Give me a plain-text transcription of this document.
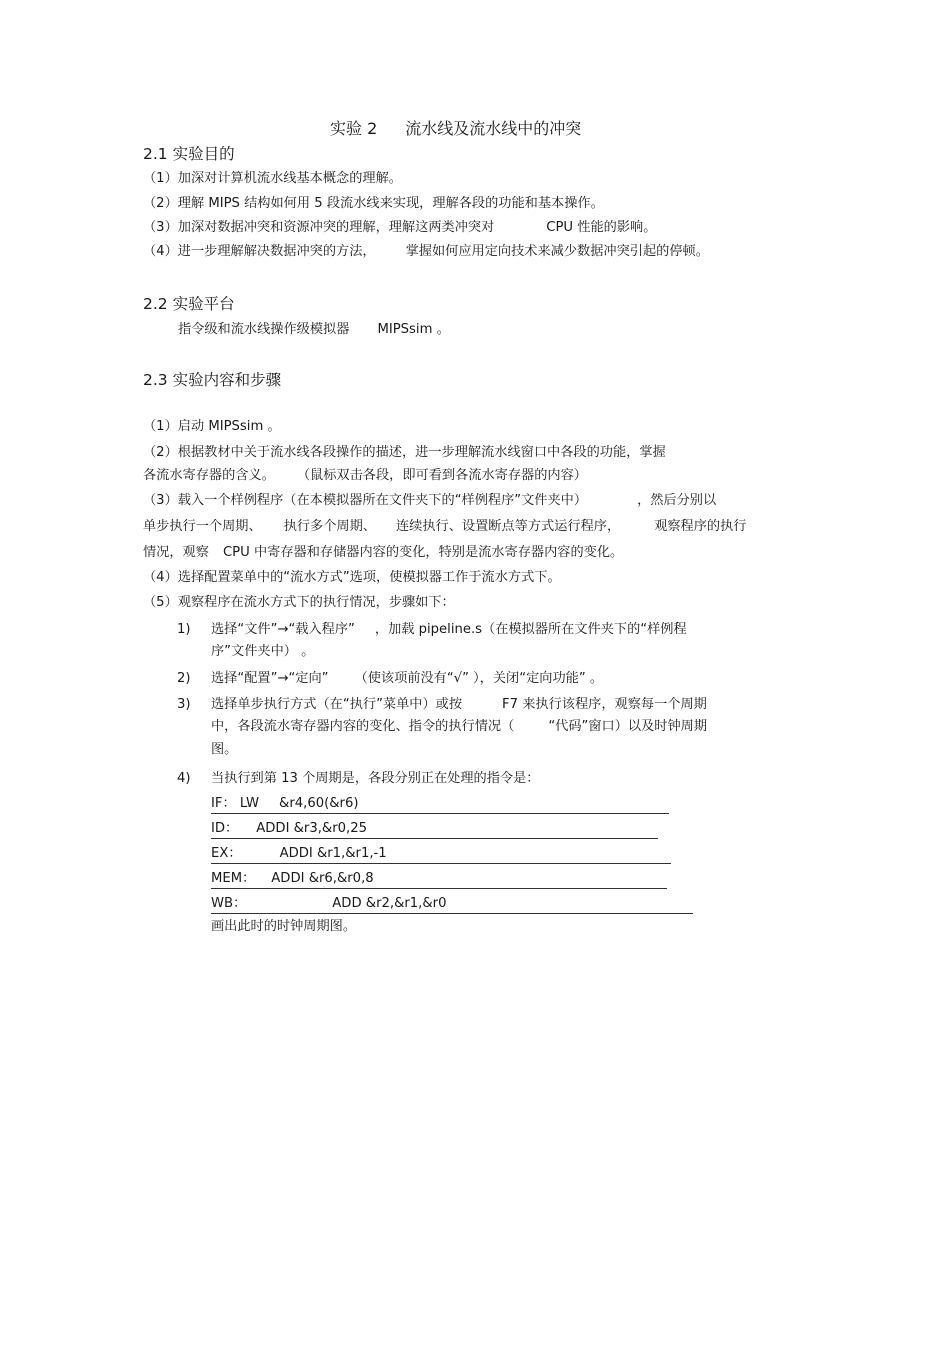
实验 2 流水线及流水线中的冲突
2.1 实验目的
（1）加深对计算机流水线基本概念的理解。
（2）理解 MIPS 结构如何用 5 段流水线来实现，理解各段的功能和基本操作。
（3）加深对数据冲突和资源冲突的理解，理解这两类冲突对	CPU 性能的影响。
（4）进一步理解解决数据冲突的方法， 掌握如何应用定向技术来减少数据冲突引起的停顿。
2.2 实验平台
指令级和流水线操作级模拟器 MIPSsim 。
2.3 实验内容和步骤
（1）启动 MIPSsim 。
（2）根据教材中关于流水线各段操作的描述，进一步理解流水线窗口中各段的功能，掌握
各流水寄存器的含义。 （鼠标双击各段，即可看到各流水寄存器的内容）
（3）载入一个样例程序（在本模拟器所在文件夹下的“样例程序”文件夹中）	，然后分别以
单步执行一个周期、 执行多个周期、 连续执行、设置断点等方式运行程序，	观察程序的执行
情况，观察 CPU 中寄存器和存储器内容的变化，特别是流水寄存器内容的变化。
（4）选择配置菜单中的“流水方式”选项，使模拟器工作于流水方式下。
（5）观察程序在流水方式下的执行情况，步骤如下：
1) 选择“文件”→“载入程序” ，加载 pipeline.s（在模拟器所在文件夹下的“样例程
序”文件夹中） 。
2) 选择“配置”→“定向” （使该项前没有“√” ），关闭“定向功能” 。
3) 选择单步执行方式（在“执行”菜单中）或按	F7 来执行该程序，观察每一个周期
中，各段流水寄存器内容的变化、指令的执行情况（	“代码”窗口）以及时钟周期
图。
4) 当执行到第 13 个周期是，各段分别正在处理的指令是：
IF： LW &r4,60(&r6)
ID： ADDI &r3,&r0,25
EX：	ADDI &r1,&r1,-1
MEM： ADDI &r6,&r0,8
WB：	ADD &r2,&r1,&r0
画出此时的时钟周期图。
